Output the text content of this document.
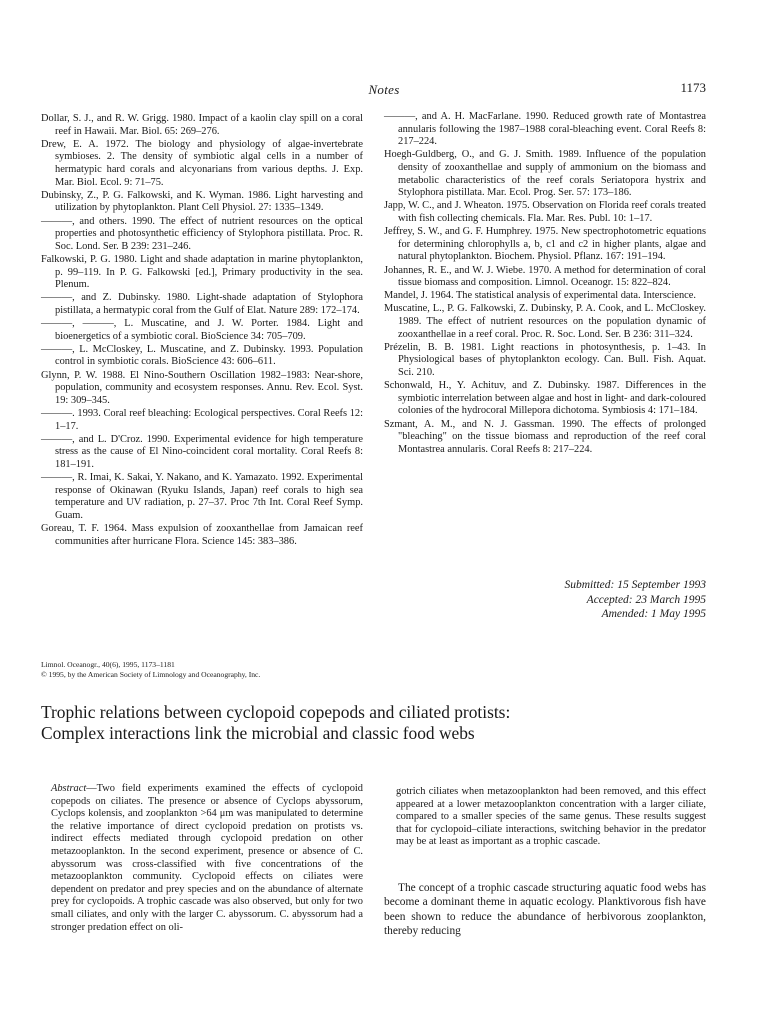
Notes	1173

Dollar, S. J., and R. W. Grigg. 1980. Impact of a kaolin clay spill on a coral reef in Hawaii. Mar. Biol. 65: 269–276.

Drew, E. A. 1972. The biology and physiology of algae-invertebrate symbioses. 2. The density of symbiotic algal cells in a number of hermatypic hard corals and alcyonarians from various depths. J. Exp. Mar. Biol. Ecol. 9: 71–75.

Dubinsky, Z., P. G. Falkowski, and K. Wyman. 1986. Light harvesting and utilization by phytoplankton. Plant Cell Physiol. 27: 1335–1349.

———, and others. 1990. The effect of nutrient resources on the optical properties and photosynthetic efficiency of Stylophora pistillata. Proc. R. Soc. Lond. Ser. B 239: 231–246.

Falkowski, P. G. 1980. Light and shade adaptation in marine phytoplankton, p. 99–119. In P. G. Falkowski [ed.], Primary productivity in the sea. Plenum.

———, and Z. Dubinsky. 1980. Light-shade adaptation of Stylophora pistillata, a hermatypic coral from the Gulf of Elat. Nature 289: 172–174.

———, ———, L. Muscatine, and J. W. Porter. 1984. Light and bioenergetics of a symbiotic coral. BioScience 34: 705–709.

———, L. McCloskey, L. Muscatine, and Z. Dubinsky. 1993. Population control in symbiotic corals. BioScience 43: 606–611.

Glynn, P. W. 1988. El Nino-Southern Oscillation 1982–1983: Near-shore, population, community and ecosystem responses. Annu. Rev. Ecol. Syst. 19: 309–345.

———. 1993. Coral reef bleaching: Ecological perspectives. Coral Reefs 12: 1–17.

———, and L. D'Croz. 1990. Experimental evidence for high temperature stress as the cause of El Nino-coincident coral mortality. Coral Reefs 8: 181–191.

———, R. Imai, K. Sakai, Y. Nakano, and K. Yamazato. 1992. Experimental response of Okinawan (Ryuku Islands, Japan) reef corals to high sea temperature and UV radiation, p. 27–37. Proc 7th Int. Coral Reef Symp. Guam.

Goreau, T. F. 1964. Mass expulsion of zooxanthellae from Jamaican reef communities after hurricane Flora. Science 145: 383–386.

———, and A. H. MacFarlane. 1990. Reduced growth rate of Montastrea annularis following the 1987–1988 coral-bleaching event. Coral Reefs 8: 217–224.

Hoegh-Guldberg, O., and G. J. Smith. 1989. Influence of the population density of zooxanthellae and supply of ammonium on the biomass and metabolic characteristics of the reef corals Seriatopora hystrix and Stylophora pistillata. Mar. Ecol. Prog. Ser. 57: 173–186.

Japp, W. C., and J. Wheaton. 1975. Observation on Florida reef corals treated with fish collecting chemicals. Fla. Mar. Res. Publ. 10: 1–17.

Jeffrey, S. W., and G. F. Humphrey. 1975. New spectrophotometric equations for determining chlorophylls a, b, c1 and c2 in higher plants, algae and natural phytoplankton. Biochem. Physiol. Pflanz. 167: 191–194.

Johannes, R. E., and W. J. Wiebe. 1970. A method for determination of coral tissue biomass and composition. Limnol. Oceanogr. 15: 822–824.

Mandel, J. 1964. The statistical analysis of experimental data. Interscience.

Muscatine, L., P. G. Falkowski, Z. Dubinsky, P. A. Cook, and L. McCloskey. 1989. The effect of nutrient resources on the population dynamic of zooxanthellae in a reef coral. Proc. R. Soc. Lond. Ser. B 236: 311–324.

Prézelin, B. B. 1981. Light reactions in photosynthesis, p. 1–43. In Physiological bases of phytoplankton ecology. Can. Bull. Fish. Aquat. Sci. 210.

Schonwald, H., Y. Achituv, and Z. Dubinsky. 1987. Differences in the symbiotic interrelation between algae and host in light- and dark-coloured colonies of the hydrocoral Millepora dichotoma. Symbiosis 4: 171–184.

Szmant, A. M., and N. J. Gassman. 1990. The effects of prolonged "bleaching" on the tissue biomass and reproduction of the reef coral Montastrea annularis. Coral Reefs 8: 217–224.

Submitted: 15 September 1993
Accepted: 23 March 1995
Amended: 1 May 1995
Limnol. Oceanogr., 40(6), 1995, 1173–1181
© 1995, by the American Society of Limnology and Oceanography, Inc.
Trophic relations between cyclopoid copepods and ciliated protists: Complex interactions link the microbial and classic food webs
Abstract—Two field experiments examined the effects of cyclopoid copepods on ciliates. The presence or absence of Cyclops abyssorum, Cyclops kolensis, and zooplankton >64 μm was manipulated to determine the relative importance of direct cyclopoid predation on protists vs. indirect effects mediated through cyclopoid predation on other metazooplankton. In the second experiment, presence or absence of C. abyssorum was cross-classified with five concentrations of the metazooplankton community. Cyclopoid effects on ciliates were dependent on predator and prey species and on the abundance of alternate prey for cyclopoids. A trophic cascade was also observed, but only for two small ciliates, and only with the larger C. abyssorum. C. abyssorum had a stronger predation effect on oli-
gotrich ciliates when metazooplankton had been removed, and this effect appeared at a lower metazooplankton concentration with a larger ciliate, compared to a smaller species of the same genus. These results suggest that for cyclopoid–ciliate interactions, switching behavior in the predator may be at least as important as a trophic cascade.

The concept of a trophic cascade structuring aquatic food webs has become a dominant theme in aquatic ecology. Planktivorous fish have been shown to reduce the abundance of herbivorous zooplankton, thereby reducing
